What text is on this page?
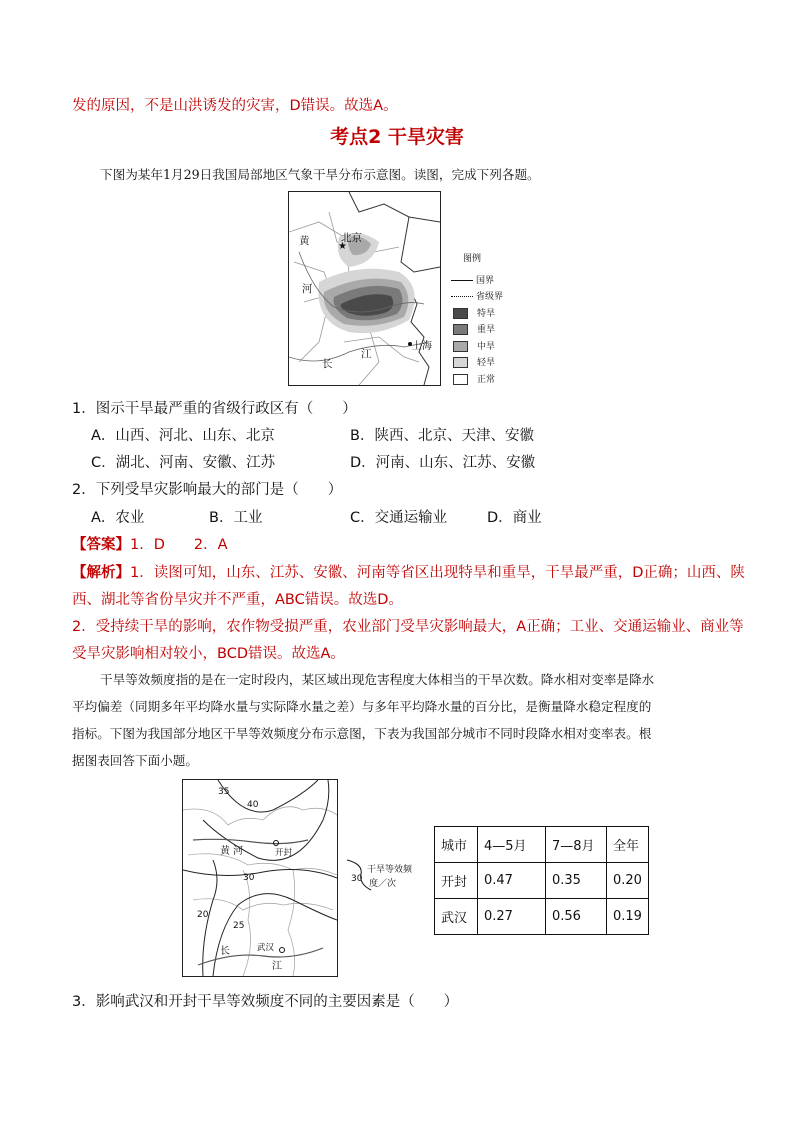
发的原因，不是山洪诱发的灾害，D错误。故选A。
考点2 干旱灾害
下图为某年1月29日我国局部地区气象干旱分布示意图。读图，完成下列各题。
★
黄	北京
河
上海
长
江
图例
国界
省级界
特旱
重旱
中旱
轻旱
正常
1．图示干旱最严重的省级行政区有（　　）
A．山西、河北、山东、北京	B．陕西、北京、天津、安徽
C．湖北、河南、安徽、江苏	D．河南、山东、江苏、安徽
2．下列受旱灾影响最大的部门是（　　）
A．农业	B．工业	C．交通运输业	D．商业
【答案】1．D　　2．A
【解析】1．读图可知，山东、江苏、安徽、河南等省区出现特旱和重旱，干旱最严重，D正确；山西、陕
西、湖北等省份旱灾并不严重，ABC错误。故选D。
2．受持续干旱的影响，农作物受损严重，农业部门受旱灾影响最大，A正确；工业、交通运输业、商业等
受旱灾影响相对较小，BCD错误。故选A。
干旱等效频度指的是在一定时段内，某区域出现危害程度大体相当的干旱次数。降水相对变率是降水
平均偏差（同期多年平均降水量与实际降水量之差）与多年平均降水量的百分比，是衡量降水稳定程度的
指标。下图为我国部分地区干旱等效频度分布示意图，下表为我国部分城市不同时段降水相对变率表。根
据图表回答下面小题。
35
40
30
25
20
黄 河	开封
武汉
长
江
30
干旱等效频
度／次
城市	4—5月	7—8月	全年
开封	0.47	0.35	0.20
武汉	0.27	0.56	0.19
3．影响武汉和开封干旱等效频度不同的主要因素是（　　）
